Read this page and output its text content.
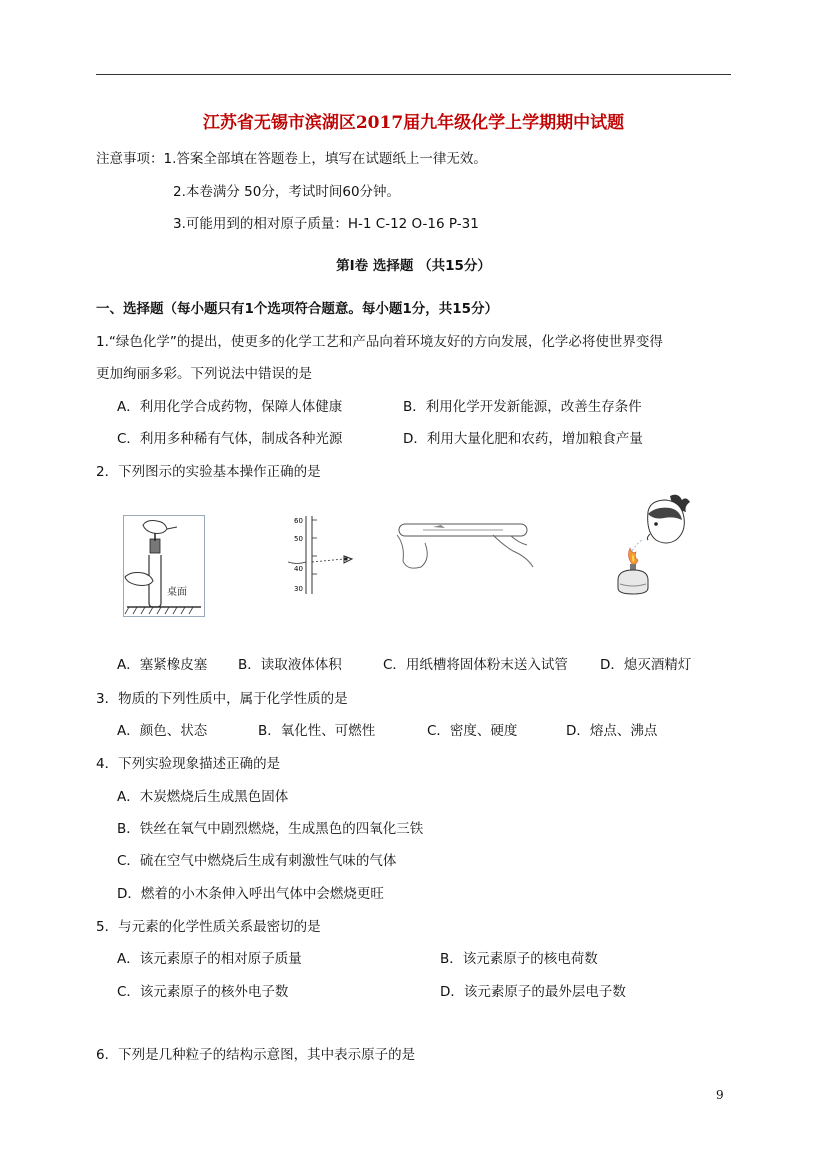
江苏省无锡市滨湖区2017届九年级化学上学期期中试题
注意事项：1.答案全部填在答题卷上，填写在试题纸上一律无效。
2.本卷满分 50分，考试时间60分钟。
3.可能用到的相对原子质量：H-1 C-12 O-16 P-31
第Ⅰ卷 选择题 （共15分）
一、选择题（每小题只有1个选项符合题意。每小题1分，共15分）
1.“绿色化学”的提出，使更多的化学工艺和产品向着环境友好的方向发展，化学必将使世界变得
更加绚丽多彩。下列说法中错误的是
A．利用化学合成药物，保障人体健康	B．利用化学开发新能源，改善生存条件
C．利用多种稀有气体，制成各种光源	D．利用大量化肥和农药，增加粮食产量
2．下列图示的实验基本操作正确的是
桌面
60
50
40
30
A．塞紧橡皮塞 B．读取液体体积	C．用纸槽将固体粉末送入试管 D．熄灭酒精灯
3．物质的下列性质中，属于化学性质的是
A．颜色、状态	B．氧化性、可燃性	C．密度、硬度	D．熔点、沸点
4．下列实验现象描述正确的是
A．木炭燃烧后生成黑色固体
B．铁丝在氧气中剧烈燃烧，生成黑色的四氧化三铁
C．硫在空气中燃烧后生成有刺激性气味的气体
D．燃着的小木条伸入呼出气体中会燃烧更旺
5．与元素的化学性质关系最密切的是
A．该元素原子的相对原子质量	B．该元素原子的核电荷数
C．该元素原子的核外电子数	D．该元素原子的最外层电子数
6．下列是几种粒子的结构示意图，其中表示原子的是
9
